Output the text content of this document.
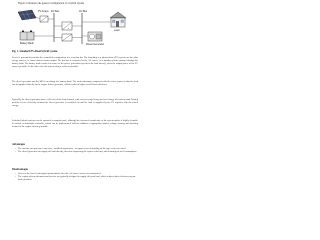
Figure 2 illustrates the general configuration of a hybrid system
PV Arrays DC Bus
Battery Bank
~
=
AC Bus
Diesel Generator
Load
Fig. 1. Standard PV-diesel hybrid system.
Power is generated from/into the controlled configuration in a way that fits. The bounding in a photovoltaic (PV) system are the solar energy sources, to ensure that electronic output. The inverter is connected to the AC source, to a standby system operated through the battery bank. The battery bank works as a source of the power generation system to the load directly, when the output power of the PV array is possible. In the other case the system always works as possible.
The diesel generator and the MGS can charge the battery bank. The main advantage compared with the series system is that the load can be supplied directly by the engine driven generator, which results in higher overall fuel-efficiency.
Typically, the diesel generator power will exceed the load demand, with excess energy being used to recharge the battery bank. During periods of low electricity demand the diesel generator is switched off and the load is supplied by the PV together with the stored energy.
Switched hybrid systems can be operated in manual mode, although the increased complexity of the system makes it highly desirable to include an automatic controller, which can be implemented with the addition of appropriate battery voltage sensing and start/stop control of the engine-driven generator.
Advantages
• The inverter can generate a sinewave, modified squarewave, or square wave depending on the type of inverter used.
• The diesel generator can supply the load directly, therefore improving the system efficiency and reducing the fuel consumption.
Disadvantages
• Power to the load is interrupted momentarily when the AC power sources are transferred.
• The engine-driven alternator and inverter are typically designed to supply the peak load, which reduces their efficiency at part load operation.
